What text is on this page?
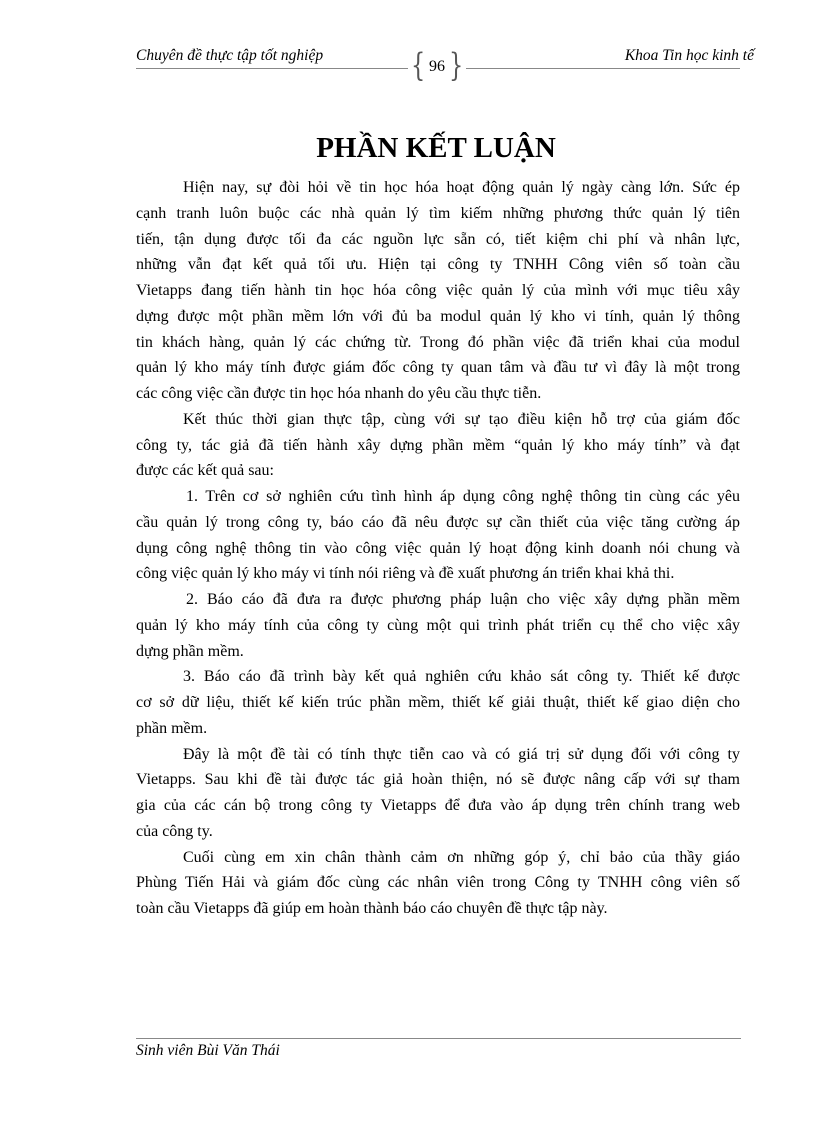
Chuyên đề thực tập tốt nghiệp	{ 96 }	Khoa Tin học kinh tế
PHẦN KẾT LUẬN
Hiện nay, sự đòi hỏi về tin học hóa hoạt động quản lý ngày càng lớn. Sức ép
cạnh tranh luôn buộc các nhà quản lý tìm kiếm những phương thức quản lý tiên
tiến, tận dụng được tối đa các nguồn lực sẵn có, tiết kiệm chi phí và nhân lực,
những vẫn đạt kết quả tối ưu. Hiện tại công ty TNHH Công viên số toàn cầu
Vietapps đang tiến hành tin học hóa công việc quản lý của mình với mục tiêu xây
dựng được một phần mềm lớn với đủ ba modul quản lý kho vi tính, quản lý thông
tin khách hàng, quản lý các chứng từ. Trong đó phần việc đã triển khai của modul
quản lý kho máy tính được giám đốc công ty quan tâm và đầu tư vì đây là một trong
các công việc cần được tin học hóa nhanh do yêu cầu thực tiễn.
Kết thúc thời gian thực tập, cùng với sự tạo điều kiện hỗ trợ của giám đốc
công ty, tác giả đã tiến hành xây dựng phần mềm “quản lý kho máy tính” và đạt
được các kết quả sau:
1. Trên cơ sở nghiên cứu tình hình áp dụng công nghệ thông tin cùng các yêu
cầu quản lý trong công ty, báo cáo đã nêu được sự cần thiết của việc tăng cường áp
dụng công nghệ thông tin vào công việc quản lý hoạt động kinh doanh nói chung và
công việc quản lý kho máy vi tính nói riêng và đề xuất phương án triển khai khả thi.
2. Báo cáo đã đưa ra được phương pháp luận cho việc xây dựng phần mềm
quản lý kho máy tính của công ty cùng một qui trình phát triển cụ thể cho việc xây
dựng phần mềm.
3. Báo cáo đã trình bày kết quả nghiên cứu khảo sát công ty. Thiết kế được
cơ sở dữ liệu, thiết kế kiến trúc phần mềm, thiết kế giải thuật, thiết kế giao diện cho
phần mềm.
Đây là một đề tài có tính thực tiễn cao và có giá trị sử dụng đối với công ty
Vietapps. Sau khi đề tài được tác giả hoàn thiện, nó sẽ được nâng cấp với sự tham
gia của các cán bộ trong công ty Vietapps để đưa vào áp dụng trên chính trang web
của công ty.
Cuối cùng em xin chân thành cảm ơn những góp ý, chỉ bảo của thầy giáo
Phùng Tiến Hải và giám đốc cùng các nhân viên trong Công ty TNHH công viên số
toàn cầu Vietapps đã giúp em hoàn thành báo cáo chuyên đề thực tập này.
Sinh viên Bùi Văn Thái
